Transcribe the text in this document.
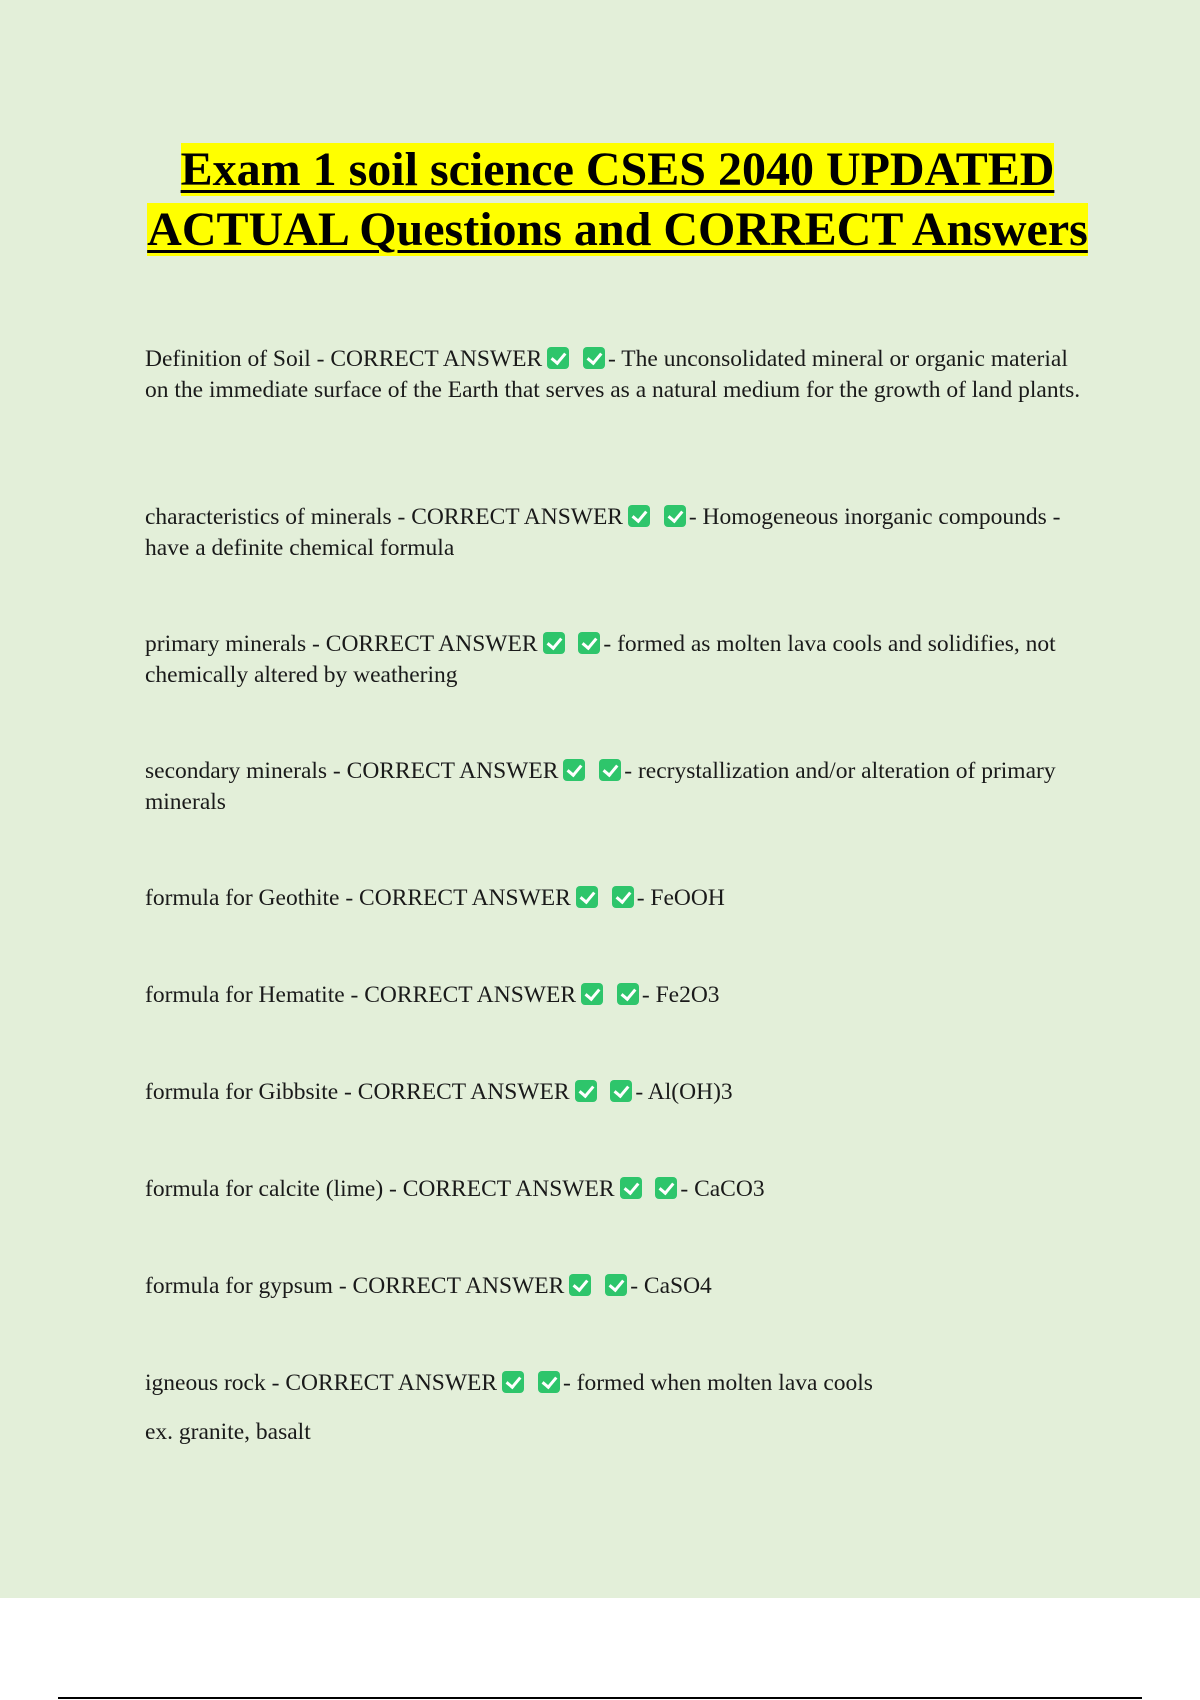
Exam 1 soil science CSES 2040 UPDATED ACTUAL Questions and CORRECT Answers

Definition of Soil - CORRECT ANSWER	- The unconsolidated mineral or organic material on the immediate surface of the Earth that serves as a natural medium for the growth of land plants.

characteristics of minerals - CORRECT ANSWER	- Homogeneous inorganic compounds - have a definite chemical formula

primary minerals - CORRECT ANSWER	- formed as molten lava cools and solidifies, not chemically altered by weathering

secondary minerals - CORRECT ANSWER	- recrystallization and/or alteration of primary minerals

formula for Geothite - CORRECT ANSWER	- FeOOH

formula for Hematite - CORRECT ANSWER	- Fe2O3

formula for Gibbsite - CORRECT ANSWER	- Al(OH)3

formula for calcite (lime) - CORRECT ANSWER	- CaCO3

formula for gypsum - CORRECT ANSWER	- CaSO4

igneous rock - CORRECT ANSWER	- formed when molten lava cools
ex. granite, basalt
